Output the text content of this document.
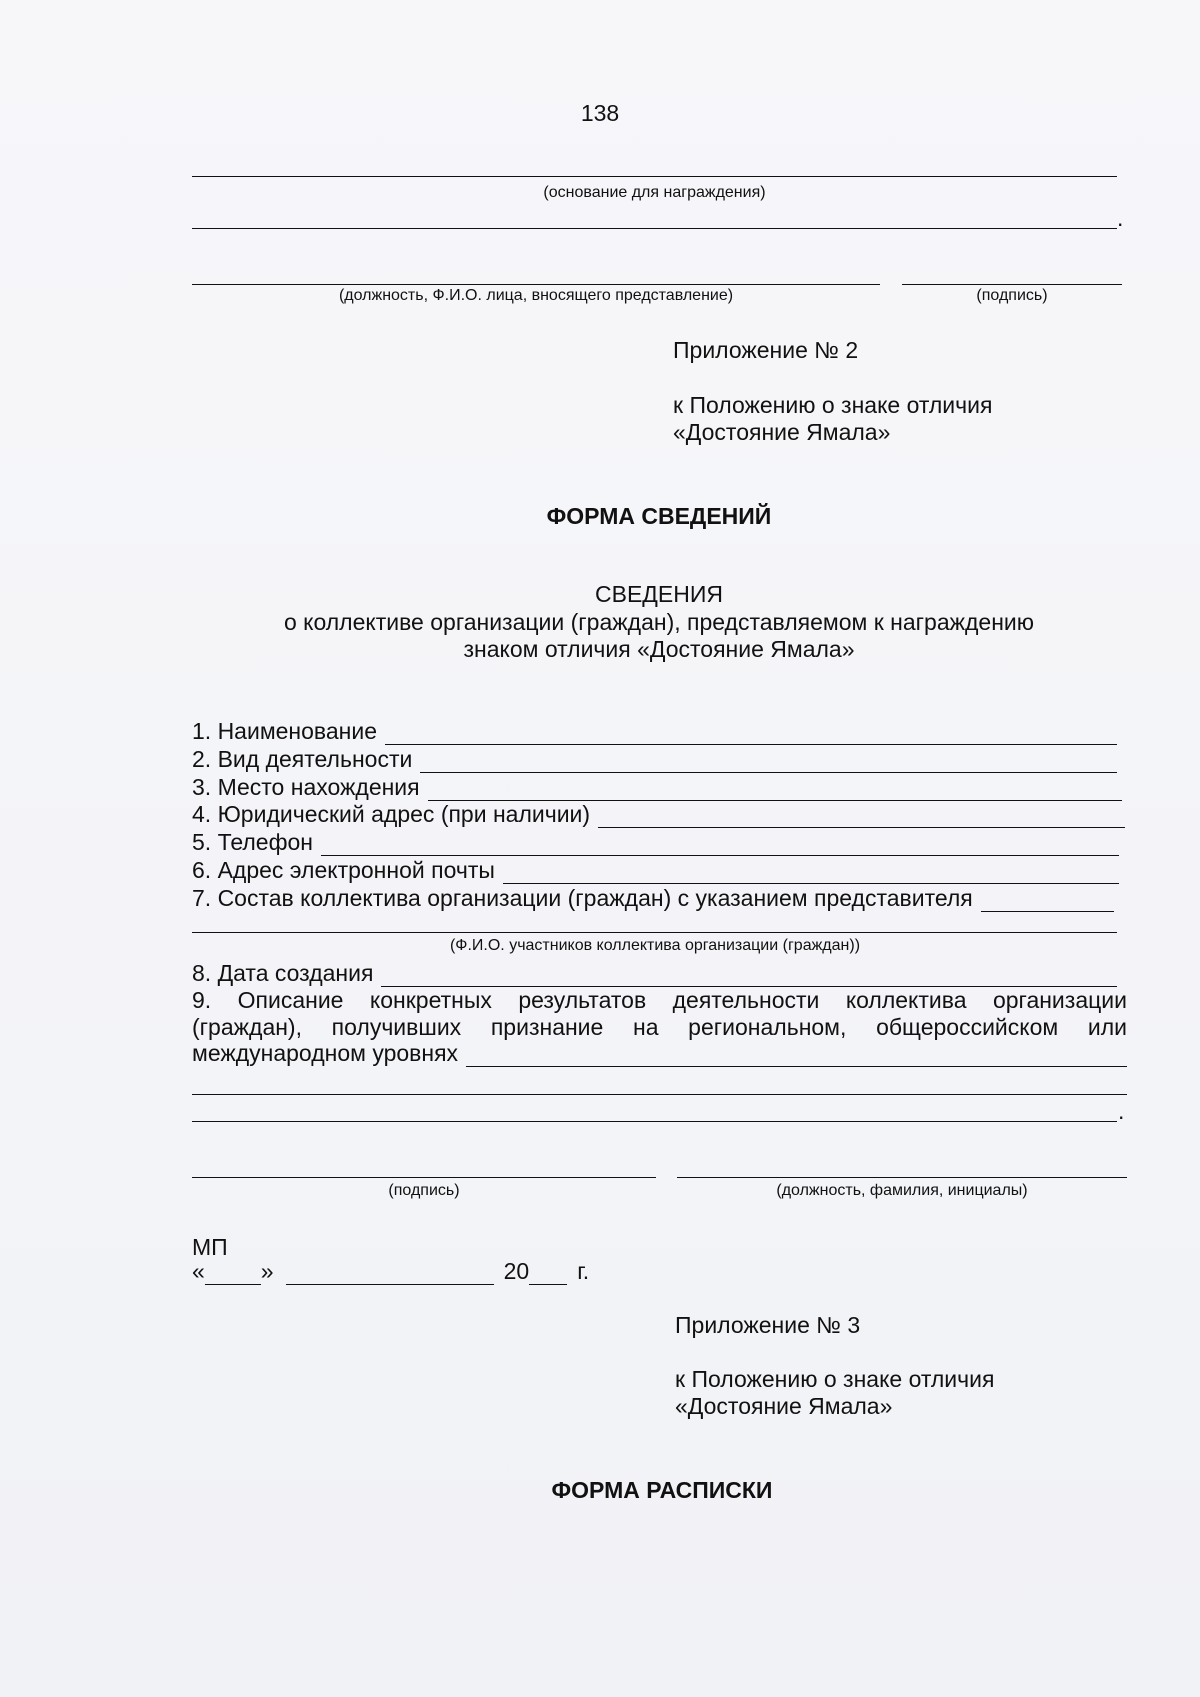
138
(основание для награждения)
.
(должность, Ф.И.О. лица, вносящего представление)	(подпись)
Приложение № 2
к Положению о знаке отличия
«Достояние Ямала»
ФОРМА СВЕДЕНИЙ
СВЕДЕНИЯ
о коллективе организации (граждан), представляемом к награждению
знаком отличия «Достояние Ямала»
1. Наименование
2. Вид деятельности
3. Место нахождения
4. Юридический адрес (при наличии)
5. Телефон
6. Адрес электронной почты
7. Состав коллектива организации (граждан) с указанием представителя
(Ф.И.О. участников коллектива организации (граждан))
8. Дата создания
9. Описание конкретных результатов деятельности коллектива организации
(граждан), получивших признание на региональном, общероссийском или
международном уровнях
.
(подпись)	(должность, фамилия, инициалы)
МП
« »	20 г.
Приложение № 3
к Положению о знаке отличия
«Достояние Ямала»
ФОРМА РАСПИСКИ
